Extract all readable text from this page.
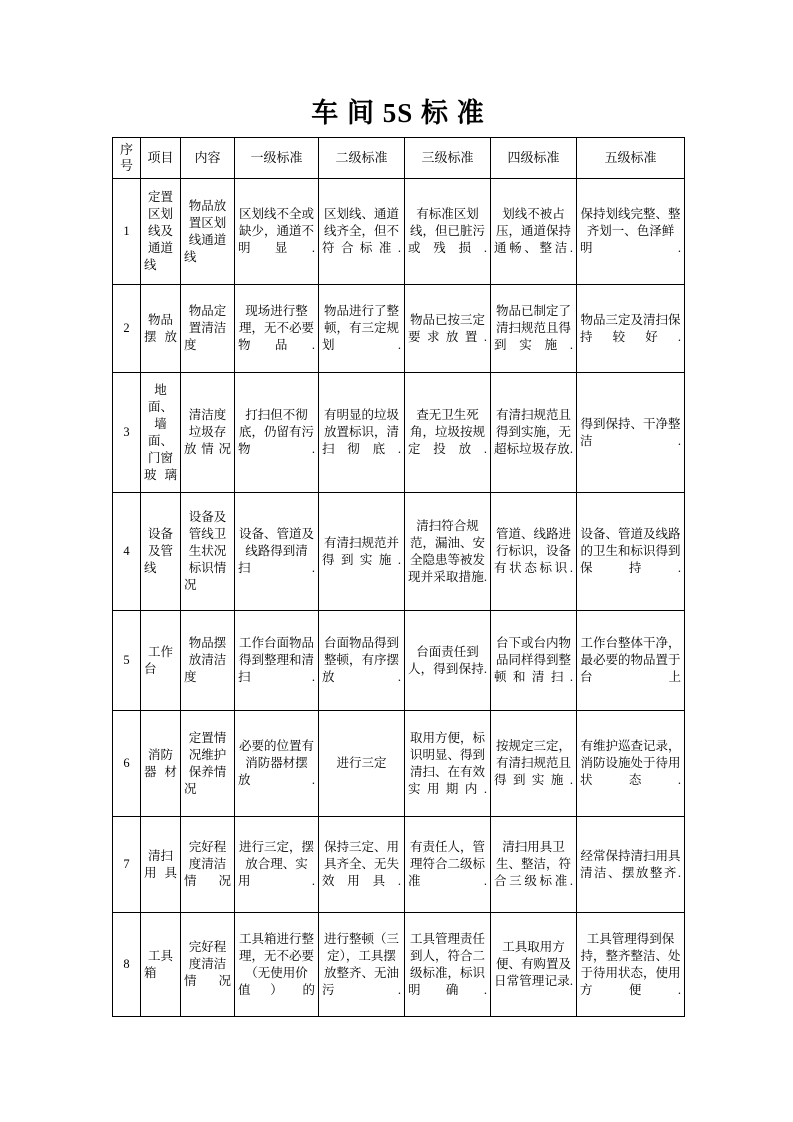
车 间 5S 标 准
序号	项目	内容	一级标准	二级标准	三级标准	四级标准	五级标准
1	定置区划线及通道线	物品放置区划线通道线	区划线不全或缺少，通道不明显.	区划线、通道线齐全，但不符合标准.	有标准区划线，但已脏污或残损.	划线不被占压，通道保持通畅、整洁.	保持划线完整、整齐划一、色泽鲜明.
2	物品摆放	物品定置清洁度	现场进行整理，无不必要物品.	物品进行了整顿，有三定规划.	物品已按三定要求放置.	物品已制定了清扫规范且得到实施.	物品三定及清扫保持较好.
3	地面、墙面、门窗玻璃	清洁度垃圾存放情况	打扫但不彻底，仍留有污物.	有明显的垃圾放置标识，清扫彻底.	查无卫生死角，垃圾按规定投放.	有清扫规范且得到实施，无超标垃圾存放.	得到保持、干净整洁.
4	设备及管线	设备及管线卫生状况标识情况	设备、管道及线路得到清扫.	有清扫规范并得到实施.	清扫符合规范，漏油、安全隐患等被发现并采取措施.	管道、线路进行标识，设备有状态标识.	设备、管道及线路的卫生和标识得到保持.
5	工作台	物品摆放清洁度	工作台面物品得到整理和清扫.	台面物品得到整顿，有序摆放.	台面责任到人，得到保持.	台下或台内物品同样得到整顿和清扫.	工作台整体干净，最必要的物品置于台上
6	消防器材	定置情况维护保养情况	必要的位置有消防器材摆放.	进行三定	取用方便，标识明显、得到清扫、在有效实用期内.	按规定三定，有清扫规范且得到实施.	有维护巡查记录，消防设施处于待用状态.
7	清扫用具	完好程度清洁情况	进行三定，摆放合理、实用.	保持三定、用具齐全、无失效用具.	有责任人，管理符合二级标准.	清扫用具卫生、整洁，符合三级标准.	经常保持清扫用具清洁、摆放整齐.
8	工具箱	完好程度清洁情况	工具箱进行整理，无不必要（无使用价值）的	进行整顿（三定），工具摆放整齐、无油污.	工具管理责任到人，符合二级标准，标识明确.	工具取用方便、有购置及日常管理记录.	工具管理得到保持，整齐整洁、处于待用状态，使用方便.
